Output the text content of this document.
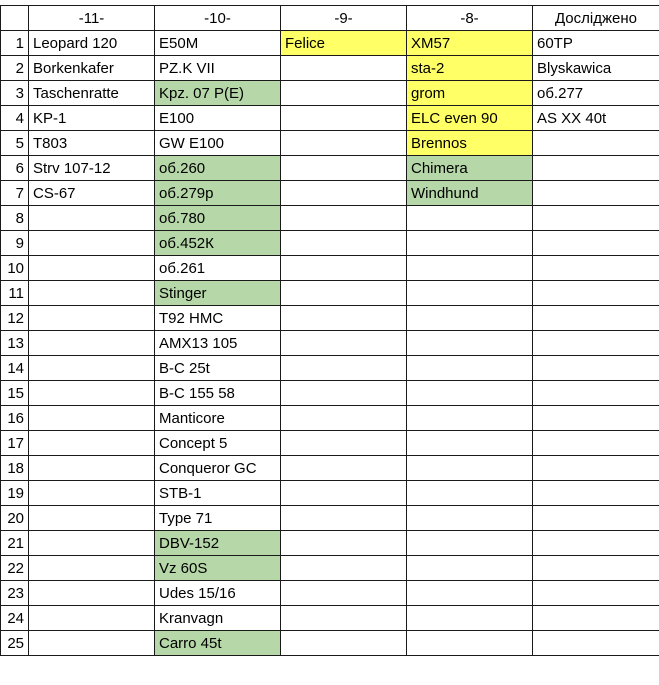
	-11-	-10-	-9-	-8-	Досліджено
1	Leopard 120	E50M	Felice	XM57	60TP
2	Borkenkafer	PZ.K VII		sta-2	Blyskawica
3	Taschenratte	Kpz. 07 P(E)		grom	об.277
4	KP-1	E100		ELC even 90	AS XX 40t
5	T803	GW E100		Brennos	
6	Strv 107-12	об.260		Chimera	
7	CS-67	об.279р		Windhund	
8		об.780			
9		об.452К			
10		об.261			
11		Stinger			
12		T92 HMC			
13		AMX13 105			
14		B-C 25t			
15		B-C 155 58			
16		Manticore			
17		Concept 5			
18		Conqueror GC			
19		STB-1			
20		Type 71			
21		DBV-152			
22		Vz 60S			
23		Udes 15/16			
24		Kranvagn			
25		Carro 45t			
